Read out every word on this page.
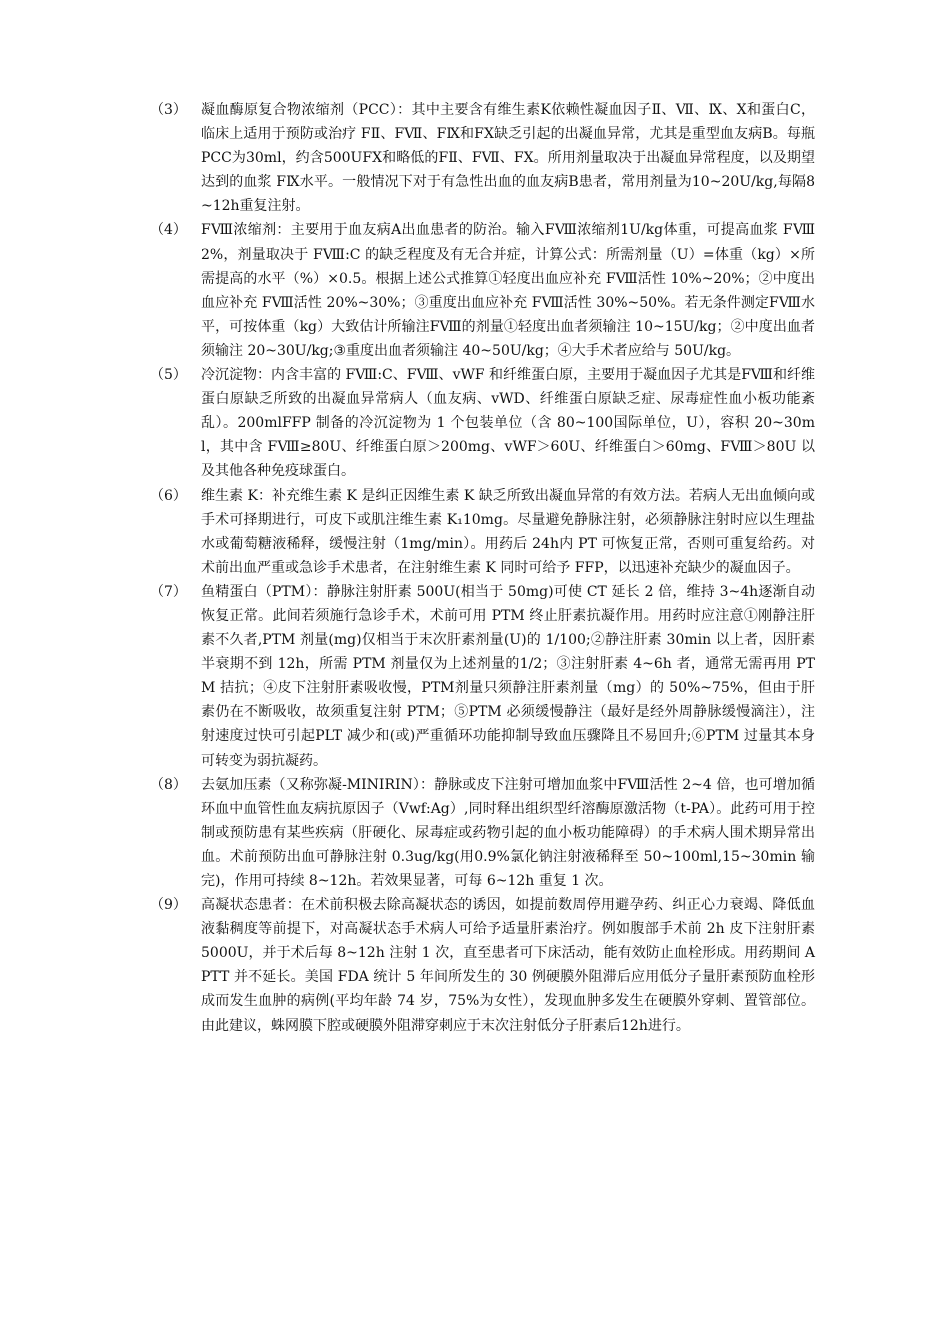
（3） 凝血酶原复合物浓缩剂（PCC）：其中主要含有维生素K依赖性凝血因子Ⅱ、Ⅶ、Ⅸ、Ⅹ和蛋白C，临床上适用于预防或治疗 FⅡ、FⅦ、FⅨ和FⅩ缺乏引起的出凝血异常，尤其是重型血友病B。每瓶PCC为30ml，约含500UFⅩ和略低的FⅡ、FⅦ、FⅩ。所用剂量取决于出凝血异常程度，以及期望达到的血浆 FⅨ水平。一般情况下对于有急性出血的血友病B患者，常用剂量为10~20U/kg,每隔8~12h重复注射。
（4） FⅧ浓缩剂：主要用于血友病A出血患者的防治。输入FⅧ浓缩剂1U/kg体重，可提高血浆 FⅧ2%，剂量取决于 FⅧ:C 的缺乏程度及有无合并症，计算公式：所需剂量（U）=体重（kg）×所需提高的水平（%）×0.5。根据上述公式推算①轻度出血应补充 FⅧ活性 10%~20%；②中度出血应补充 FⅧ活性 20%~30%；③重度出血应补充 FⅧ活性 30%~50%。若无条件测定FⅧ水平，可按体重（kg）大致估计所输注FⅧ的剂量①轻度出血者须输注 10~15U/kg；②中度出血者须输注 20~30U/kg;③重度出血者须输注 40~50U/kg；④大手术者应给与 50U/kg。
（5） 冷沉淀物：内含丰富的 FⅧ:C、FⅧ、vWF 和纤维蛋白原，主要用于凝血因子尤其是FⅧ和纤维蛋白原缺乏所致的出凝血异常病人（血友病、vWD、纤维蛋白原缺乏症、尿毒症性血小板功能紊乱）。200mlFFP 制备的冷沉淀物为 1 个包装单位（含 80~100国际单位，U），容积 20~30ml，其中含 FⅧ≥80U、纤维蛋白原＞200mg、vWF＞60U、纤维蛋白＞60mg、FⅧ＞80U 以及其他各种免疫球蛋白。
（6） 维生素 K：补充维生素 K 是纠正因维生素 K 缺乏所致出凝血异常的有效方法。若病人无出血倾向或手术可择期进行，可皮下或肌注维生素 K₁10mg。尽量避免静脉注射，必须静脉注射时应以生理盐水或葡萄糖液稀释，缓慢注射（1mg/min）。用药后 24h内 PT 可恢复正常，否则可重复给药。对术前出血严重或急诊手术患者，在注射维生素 K 同时可给予 FFP，以迅速补充缺少的凝血因子。
（7） 鱼精蛋白（PTM）：静脉注射肝素 500U(相当于 50mg)可使 CT 延长 2 倍，维持 3~4h逐渐自动恢复正常。此间若须施行急诊手术，术前可用 PTM 终止肝素抗凝作用。用药时应注意①刚静注肝素不久者,PTM 剂量(mg)仅相当于末次肝素剂量(U)的 1/100;②静注肝素 30min 以上者，因肝素半衰期不到 12h，所需 PTM 剂量仅为上述剂量的1/2；③注射肝素 4~6h 者，通常无需再用 PTM 拮抗；④皮下注射肝素吸收慢，PTM剂量只须静注肝素剂量（mg）的 50%~75%，但由于肝素仍在不断吸收，故须重复注射 PTM；⑤PTM 必须缓慢静注（最好是经外周静脉缓慢滴注），注射速度过快可引起PLT 减少和(或)严重循环功能抑制导致血压骤降且不易回升;⑥PTM 过量其本身可转变为弱抗凝药。
（8） 去氨加压素（又称弥凝-MINIRIN）：静脉或皮下注射可增加血浆中FⅧ活性 2~4 倍，也可增加循环血中血管性血友病抗原因子（Vwf:Ag）,同时释出组织型纤溶酶原激活物（t-PA）。此药可用于控制或预防患有某些疾病（肝硬化、尿毒症或药物引起的血小板功能障碍）的手术病人围术期异常出血。术前预防出血可静脉注射 0.3ug/kg(用0.9%氯化钠注射液稀释至 50~100ml,15~30min 输完)，作用可持续 8~12h。若效果显著，可每 6~12h 重复 1 次。
（9） 高凝状态患者：在术前积极去除高凝状态的诱因，如提前数周停用避孕药、纠正心力衰竭、降低血液黏稠度等前提下，对高凝状态手术病人可给予适量肝素治疗。例如腹部手术前 2h 皮下注射肝素 5000U，并于术后每 8~12h 注射 1 次，直至患者可下床活动，能有效防止血栓形成。用药期间 APTT 并不延长。美国 FDA 统计 5 年间所发生的 30 例硬膜外阻滞后应用低分子量肝素预防血栓形成而发生血肿的病例(平均年龄 74 岁，75%为女性），发现血肿多发生在硬膜外穿刺、置管部位。由此建议，蛛网膜下腔或硬膜外阻滞穿刺应于末次注射低分子肝素后12h进行。
